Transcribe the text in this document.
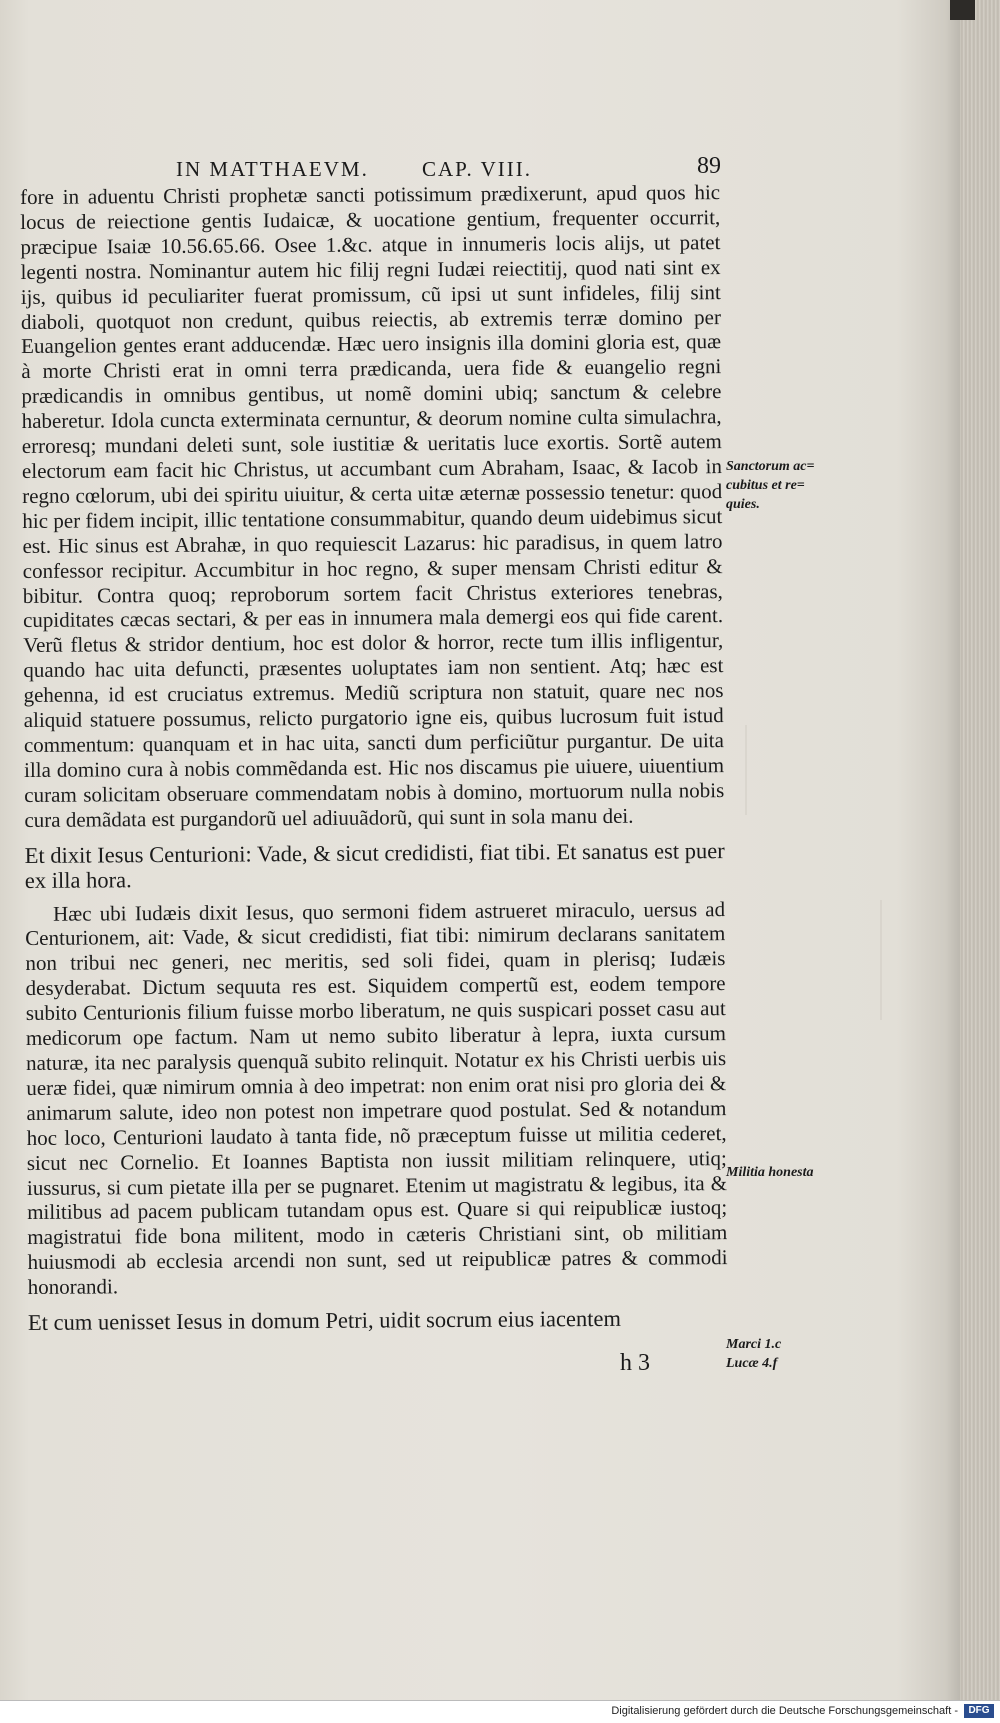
IN MATTHAEVM.	CAP. VIII.	89

fore in aduentu Christi prophetæ sancti potissimum prædixerunt, apud quos hic locus de reiectione gentis Iudaicæ, & uocatione gentium, frequenter occurrit, præcipue Isaiæ 10.56.65.66. Osee 1.&c. atque in innumeris locis alijs, ut patet legenti nostra. Nominantur autem hic filij regni Iudæi reiectitij, quod nati sint ex ijs, quibus id peculiariter fuerat promissum, cũ ipsi ut sunt infideles, filij sint diaboli, quotquot non credunt, quibus reiectis, ab extremis terræ domino per Euangelion gentes erant adducendæ. Hæc uero insignis illa domini gloria est, quæ à morte Christi erat in omni terra prædicanda, uera fide & euangelio regni prædicandis in omnibus gentibus, ut nomẽ domini ubiq; sanctum & celebre haberetur. Idola cuncta exterminata cernuntur, & deorum nomine culta simulachra, erroresq; mundani deleti sunt, sole iustitiæ & ueritatis luce exortis. Sortẽ autem electorum eam facit hic Christus, ut accumbant cum Abraham, Isaac, & Iacob in regno cœlorum, ubi dei spiritu uiuitur, & certa uitæ æternæ possessio tenetur: quod hic per fidem incipit, illic tentatione consummabitur, quando deum uidebimus sicut est. Hic sinus est Abrahæ, in quo requiescit Lazarus: hic paradisus, in quem latro confessor recipitur. Accumbitur in hoc regno, & super mensam Christi editur & bibitur. Contra quoq; reproborum sortem facit Christus exteriores tenebras, cupiditates cæcas sectari, & per eas in innumera mala demergi eos qui fide carent. Verũ fletus & stridor dentium, hoc est dolor & horror, recte tum illis infligentur, quando hac uita defuncti, præsentes uoluptates iam non sentient. Atq; hæc est gehenna, id est cruciatus extremus. Mediũ scriptura non statuit, quare nec nos aliquid statuere possumus, relicto purgatorio igne eis, quibus lucrosum fuit istud commentum: quanquam et in hac uita, sancti dum perficiũtur purgantur. De uita illa domino cura à nobis commẽdanda est. Hic nos discamus pie uiuere, uiuentium curam solicitam obseruare commendatam nobis à domino, mortuorum nulla nobis cura demãdata est purgandorũ uel adiuuãdorũ, qui sunt in sola manu dei.

Et dixit Iesus Centurioni: Vade, & sicut credidisti, fiat tibi. Et sanatus est puer ex illa hora.

Hæc ubi Iudæis dixit Iesus, quo sermoni fidem astrueret miraculo, uersus ad Centurionem, ait: Vade, & sicut credidisti, fiat tibi: nimirum declarans sanitatem non tribui nec generi, nec meritis, sed soli fidei, quam in plerisq; Iudæis desyderabat. Dictum sequuta res est. Siquidem compertũ est, eodem tempore subito Centurionis filium fuisse morbo liberatum, ne quis suspicari posset casu aut medicorum ope factum. Nam ut nemo subito liberatur à lepra, iuxta cursum naturæ, ita nec paralysis quenquã subito relinquit. Notatur ex his Christi uerbis uis ueræ fidei, quæ nimirum omnia à deo impetrat: non enim orat nisi pro gloria dei & animarum salute, ideo non potest non impetrare quod postulat. Sed & notandum hoc loco, Centurioni laudato à tanta fide, nõ præceptum fuisse ut militia cederet, sicut nec Cornelio. Et Ioannes Baptista non iussit militiam relinquere, utiq; iussurus, si cum pietate illa per se pugnaret. Etenim ut magistratu & legibus, ita & militibus ad pacem publicam tutandam opus est. Quare si qui reipublicæ iustoq; magistratui fide bona militent, modo in cæteris Christiani sint, ob militiam huiusmodi ab ecclesia arcendi non sunt, sed ut reipublicæ patres & commodi honorandi.

Et cum uenisset Iesus in domum Petri, uidit socrum eius iacentem

Sanctorum ac=
cubitus et re=
quies.
Militia honesta
Marci 1.c
Lucæ 4.f
h 3
Digitalisierung gefördert durch die Deutsche Forschungsgemeinschaft -	DFG
